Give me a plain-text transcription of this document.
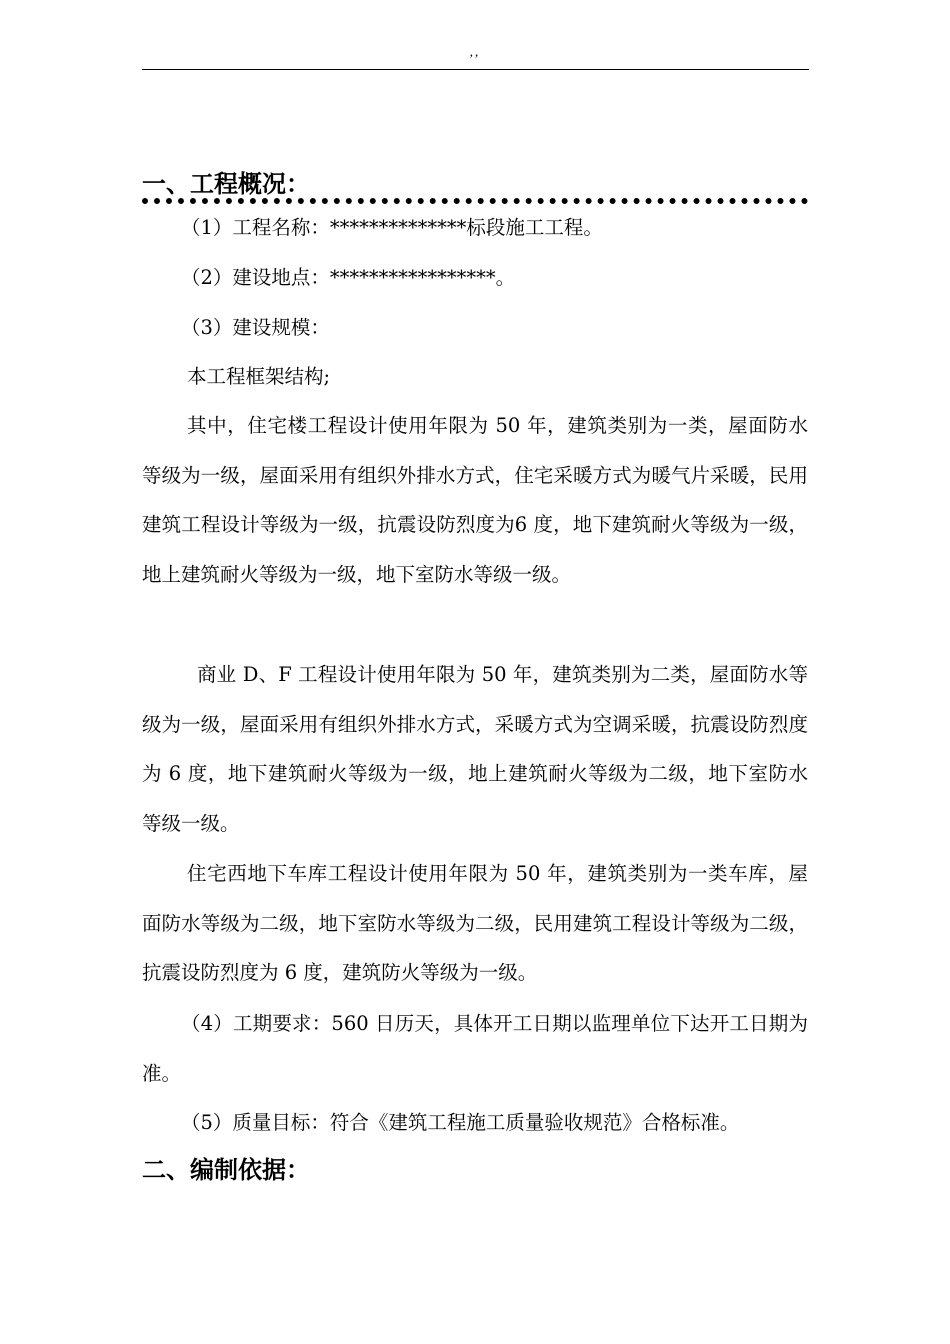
,,
一、工程概况：

（1）工程名称：**************标段施工工程。

（2）建设地点：*****************。

（3）建设规模：

本工程框架结构;

其中，住宅楼工程设计使用年限为 50 年，建筑类别为一类，屋面防水等级为一级，屋面采用有组织外排水方式，住宅采暖方式为暖气片采暖，民用建筑工程设计等级为一级，抗震设防烈度为6 度，地下建筑耐火等级为一级，地上建筑耐火等级为一级，地下室防水等级一级。

商业 D、F 工程设计使用年限为 50 年，建筑类别为二类，屋面防水等级为一级，屋面采用有组织外排水方式，采暖方式为空调采暖，抗震设防烈度为 6 度，地下建筑耐火等级为一级，地上建筑耐火等级为二级，地下室防水等级一级。

住宅西地下车库工程设计使用年限为 50 年，建筑类别为一类车库，屋面防水等级为二级，地下室防水等级为二级，民用建筑工程设计等级为二级，抗震设防烈度为 6 度，建筑防火等级为一级。

（4）工期要求：560 日历天，具体开工日期以监理单位下达开工日期为准。

（5）质量目标：符合《建筑工程施工质量验收规范》合格标准。

二、编制依据：
